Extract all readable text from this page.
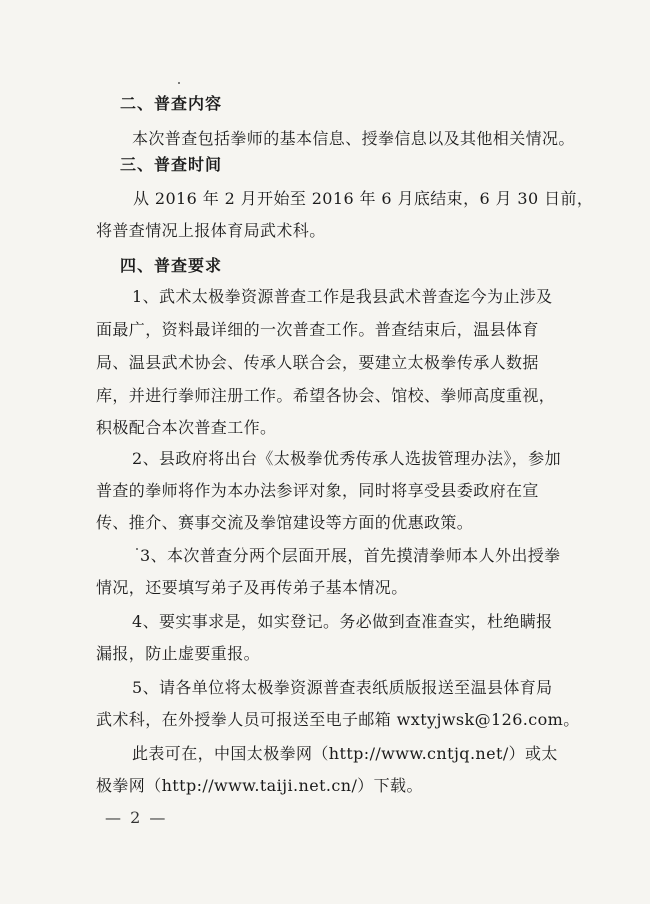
二、普查内容
本次普查包括拳师的基本信息、授拳信息以及其他相关情况。
三、普查时间
从 2016 年 2 月开始至 2016 年 6 月底结束，6 月 30 日前，
将普查情况上报体育局武术科。
四、普查要求
1、武术太极拳资源普查工作是我县武术普查迄今为止涉及
面最广，资料最详细的一次普查工作。普查结束后，温县体育
局、温县武术协会、传承人联合会，要建立太极拳传承人数据
库，并进行拳师注册工作。希望各协会、馆校、拳师高度重视，
积极配合本次普查工作。
2、县政府将出台《太极拳优秀传承人选拔管理办法》，参加
普查的拳师将作为本办法参评对象，同时将享受县委政府在宣
传、推介、赛事交流及拳馆建设等方面的优惠政策。
3、本次普查分两个层面开展，首先摸清拳师本人外出授拳
情况，还要填写弟子及再传弟子基本情况。
4、要实事求是，如实登记。务必做到查准查实，杜绝瞒报
漏报，防止虚要重报。
5、请各单位将太极拳资源普查表纸质版报送至温县体育局
武术科，在外授拳人员可报送至电子邮箱 wxtyjwsk@126.com。
此表可在，中国太极拳网（http://www.cntjq.net/）或太
极拳网（http://www.taiji.net.cn/）下载。
— 2 —
